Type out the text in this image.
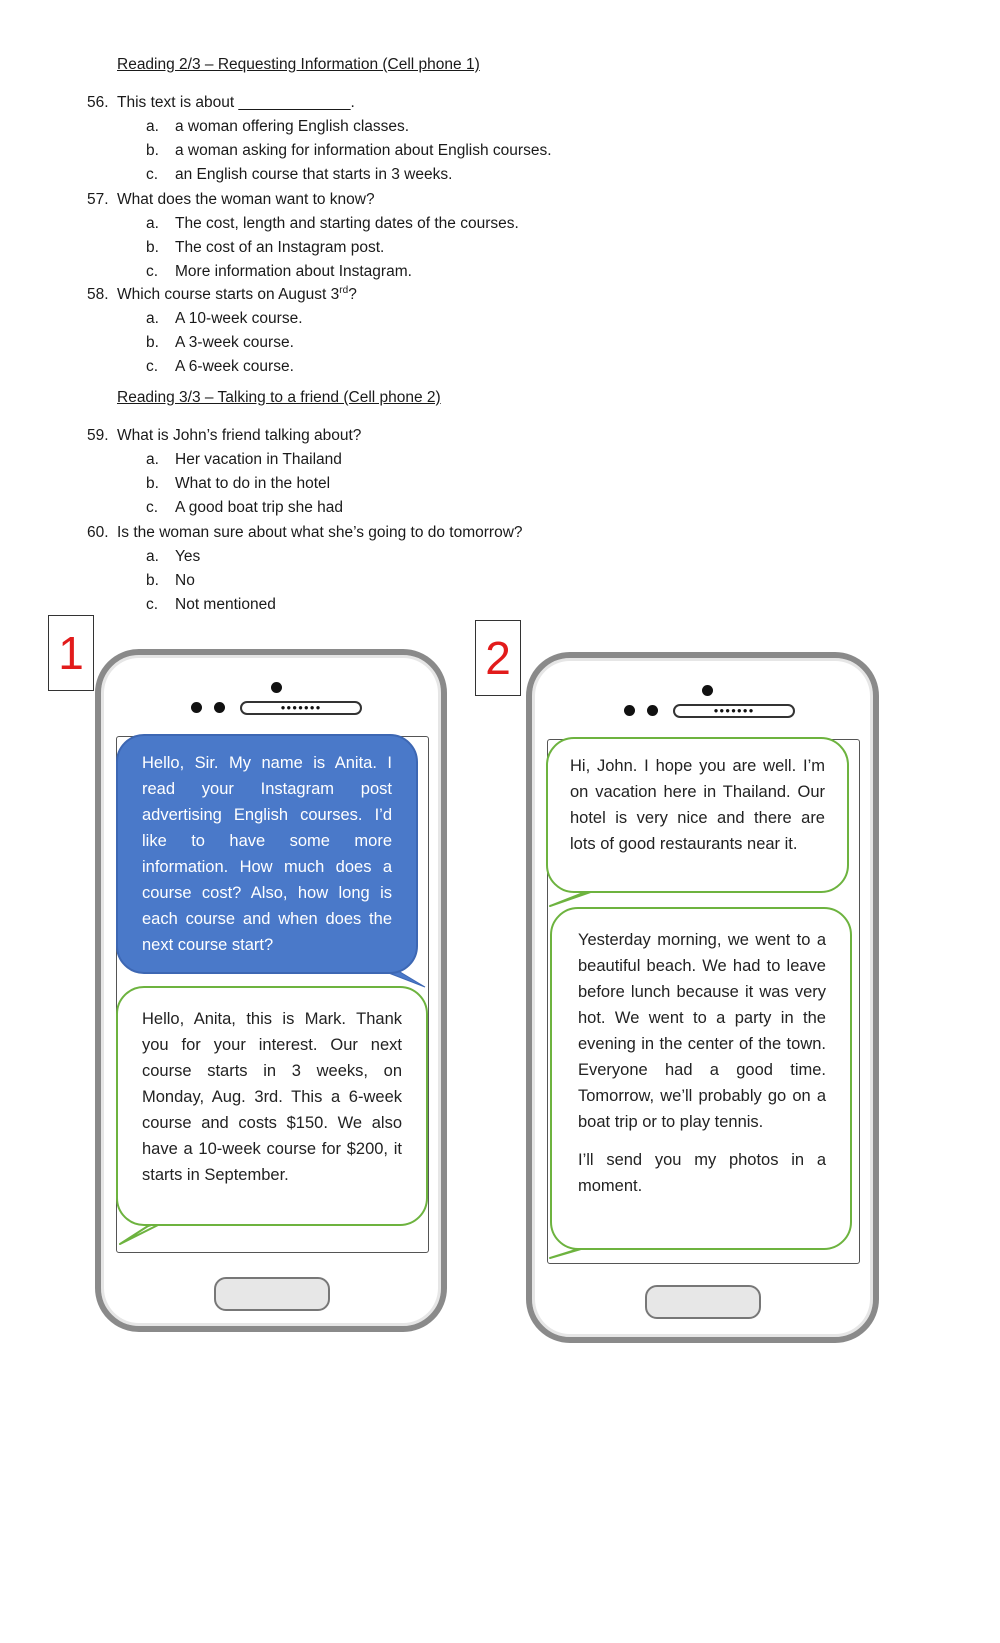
Reading 2/3 – Requesting Information (Cell phone 1)
56. This text is about _____________.
a. a woman offering English classes.
b. a woman asking for information about English courses.
c. an English course that starts in 3 weeks.
57. What does the woman want to know?
a. The cost, length and starting dates of the courses.
b. The cost of an Instagram post.
c. More information about Instagram.
58. Which course starts on August 3rd?
a. A 10-week course.
b. A 3-week course.
c. A 6-week course.
Reading 3/3 – Talking to a friend (Cell phone 2)
59. What is John’s friend talking about?
a. Her vacation in Thailand
b. What to do in the hotel
c. A good boat trip she had
60. Is the woman sure about what she’s going to do tomorrow?
a. Yes
b. No
c. Not mentioned
1
●●●●●●●

Hello, Sir. My name is Anita. I read your Instagram post advertising English courses. I’d like to have some more information. How much does a course cost? Also, how long is each course and when does the next course start?

Hello, Anita, this is Mark. Thank you for your interest. Our next course starts in 3 weeks, on Monday, Aug. 3rd. This a 6-week course and costs $150. We also have a 10-week course for $200, it starts in September.

2
●●●●●●●

Hi, John. I hope you are well. I’m on vacation here in Thailand. Our hotel is very nice and there are lots of good restaurants near it.

Yesterday morning, we went to a beautiful beach. We had to leave before lunch because it was very hot. We went to a party in the evening in the center of the town. Everyone had a good time. Tomorrow, we’ll probably go on a boat trip or to play tennis.

I’ll send you my photos in a moment.
